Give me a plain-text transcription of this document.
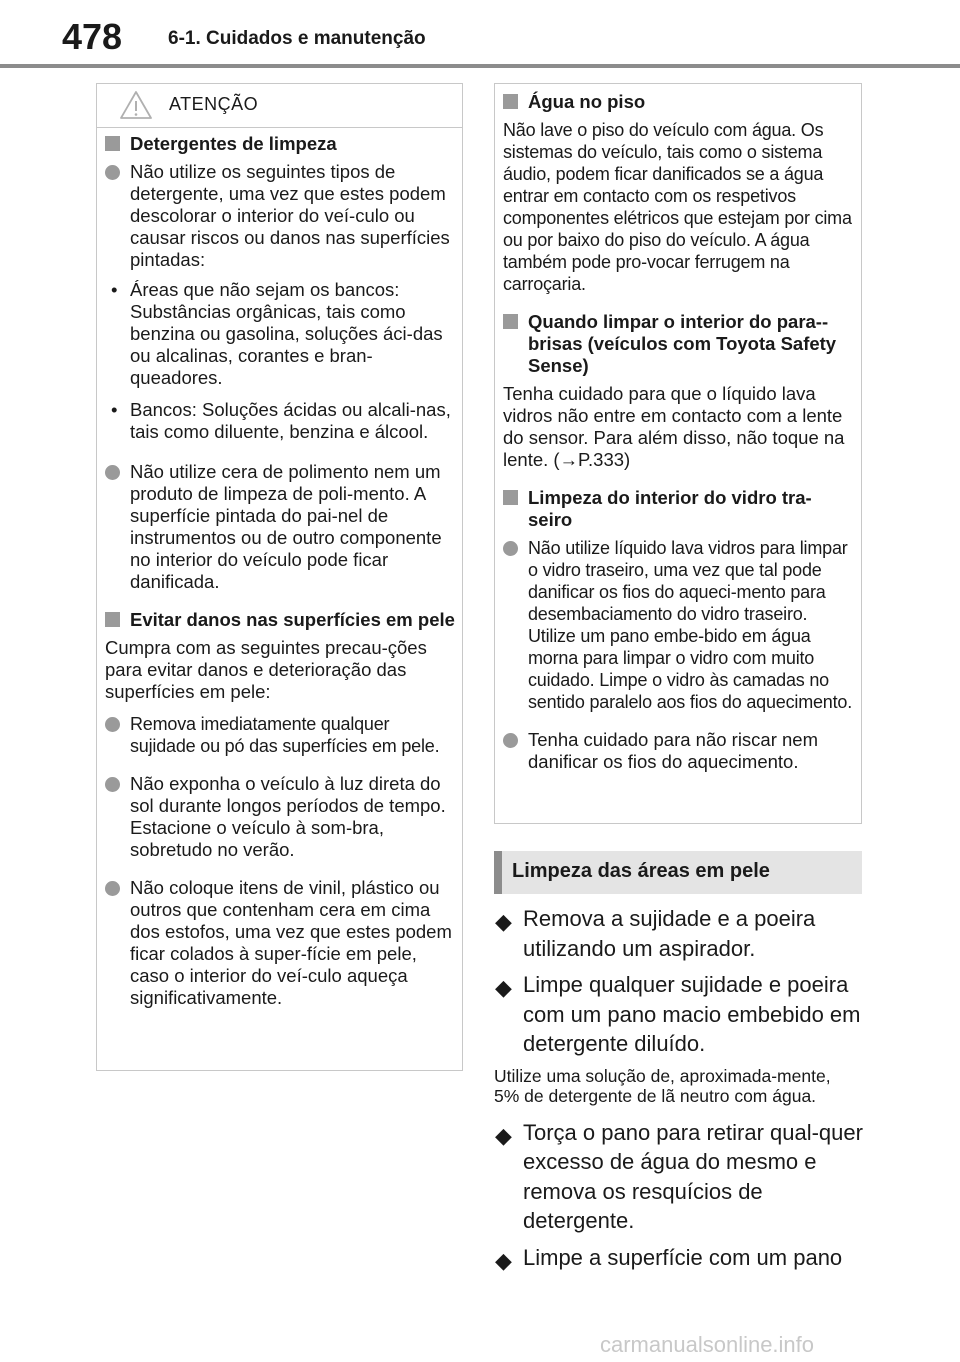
478 6-1. Cuidados e manutenção
ATENÇÃO
Detergentes de limpeza
Não utilize os seguintes tipos de detergente, uma vez que estes podem descolorar o interior do veí-culo ou causar riscos ou danos nas superfícies pintadas:
• Áreas que não sejam os bancos: Substâncias orgânicas, tais como benzina ou gasolina, soluções áci-das ou alcalinas, corantes e bran-queadores.
• Bancos: Soluções ácidas ou alcali-nas, tais como diluente, benzina e álcool.
Não utilize cera de polimento nem um produto de limpeza de poli-mento. A superfície pintada do pai-nel de instrumentos ou de outro componente no interior do veículo pode ficar danificada.
Evitar danos nas superfícies em pele
Cumpra com as seguintes precau-ções para evitar danos e deterioração das superfícies em pele:
Remova imediatamente qualquer sujidade ou pó das superfícies em pele.
Não exponha o veículo à luz direta do sol durante longos períodos de tempo. Estacione o veículo à som-bra, sobretudo no verão.
Não coloque itens de vinil, plástico ou outros que contenham cera em cima dos estofos, uma vez que estes podem ficar colados à super-fície em pele, caso o interior do veí-culo aqueça significativamente.
Água no piso
Não lave o piso do veículo com água. Os sistemas do veículo, tais como o sistema áudio, podem ficar danificados se a água entrar em contacto com os respetivos componentes elétricos que estejam por cima ou por baixo do piso do veículo. A água também pode pro-vocar ferrugem na carroçaria.
Quando limpar o interior do para--brisas (veículos com Toyota Safety Sense)
Tenha cuidado para que o líquido lava vidros não entre em contacto com a lente do sensor. Para além disso, não toque na lente. (→P.333)
Limpeza do interior do vidro tra-seiro
Não utilize líquido lava vidros para limpar o vidro traseiro, uma vez que tal pode danificar os fios do aqueci-mento para desembaciamento do vidro traseiro. Utilize um pano embe-bido em água morna para limpar o vidro com muito cuidado. Limpe o vidro às camadas no sentido paralelo aos fios do aquecimento.
Tenha cuidado para não riscar nem danificar os fios do aquecimento.
Limpeza das áreas em pele
◆ Remova a sujidade e a poeira utilizando um aspirador.
◆ Limpe qualquer sujidade e poeira com um pano macio embebido em detergente diluído.
Utilize uma solução de, aproximada-mente, 5% de detergente de lã neutro com água.
◆ Torça o pano para retirar qual-quer excesso de água do mesmo e remova os resquícios de detergente.
◆ Limpe a superfície com um pano
carmanualsonline.info
